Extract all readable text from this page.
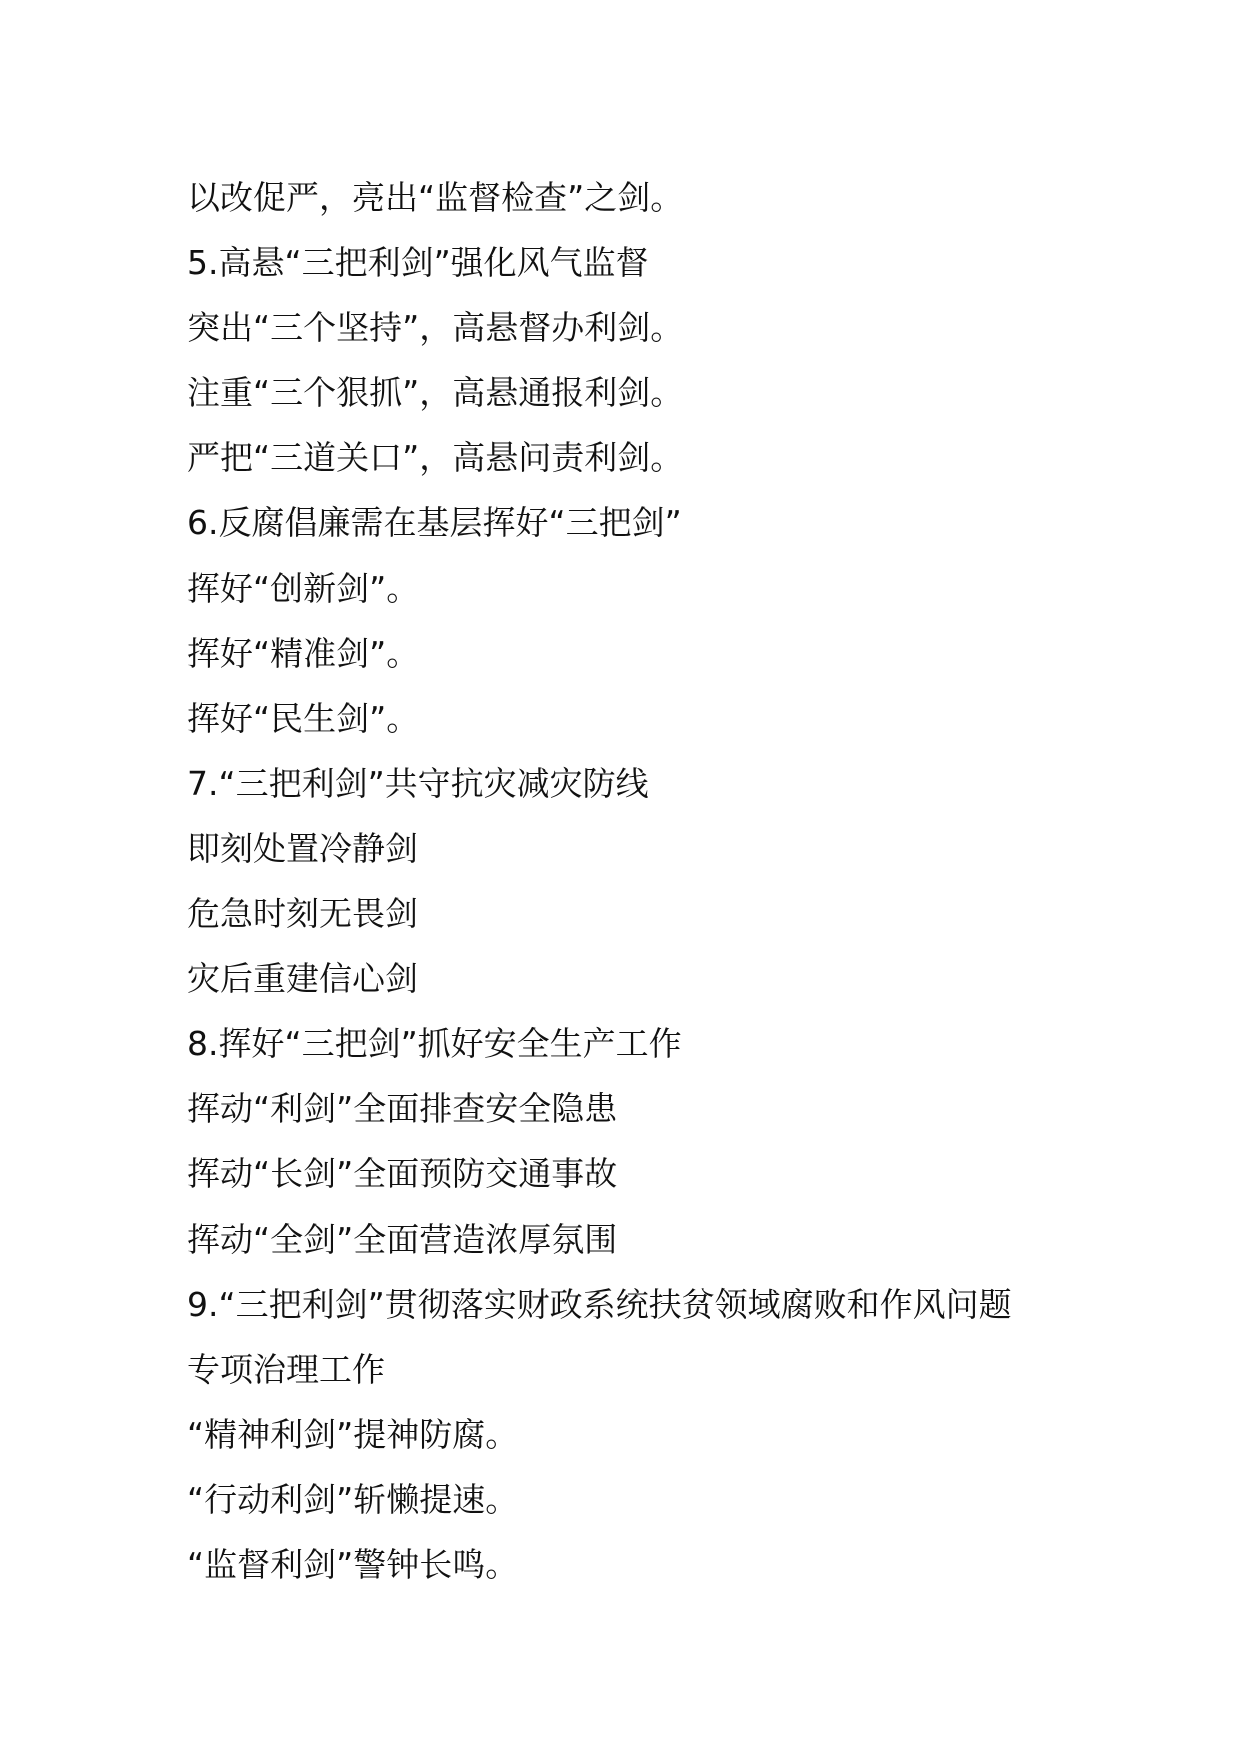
以改促严，亮出“监督检查”之剑。

5.高悬“三把利剑”强化风气监督

突出“三个坚持”，高悬督办利剑。

注重“三个狠抓”，高悬通报利剑。

严把“三道关口”，高悬问责利剑。

6.反腐倡廉需在基层挥好“三把剑”

挥好“创新剑”。

挥好“精准剑”。

挥好“民生剑”。

7.“三把利剑”共守抗灾减灾防线

即刻处置冷静剑

危急时刻无畏剑

灾后重建信心剑

8.挥好“三把剑”抓好安全生产工作

挥动“利剑”全面排查安全隐患

挥动“长剑”全面预防交通事故

挥动“全剑”全面营造浓厚氛围

9.“三把利剑”贯彻落实财政系统扶贫领域腐败和作风问题

专项治理工作

“精神利剑”提神防腐。

“行动利剑”斩懒提速。

“监督利剑”警钟长鸣。
